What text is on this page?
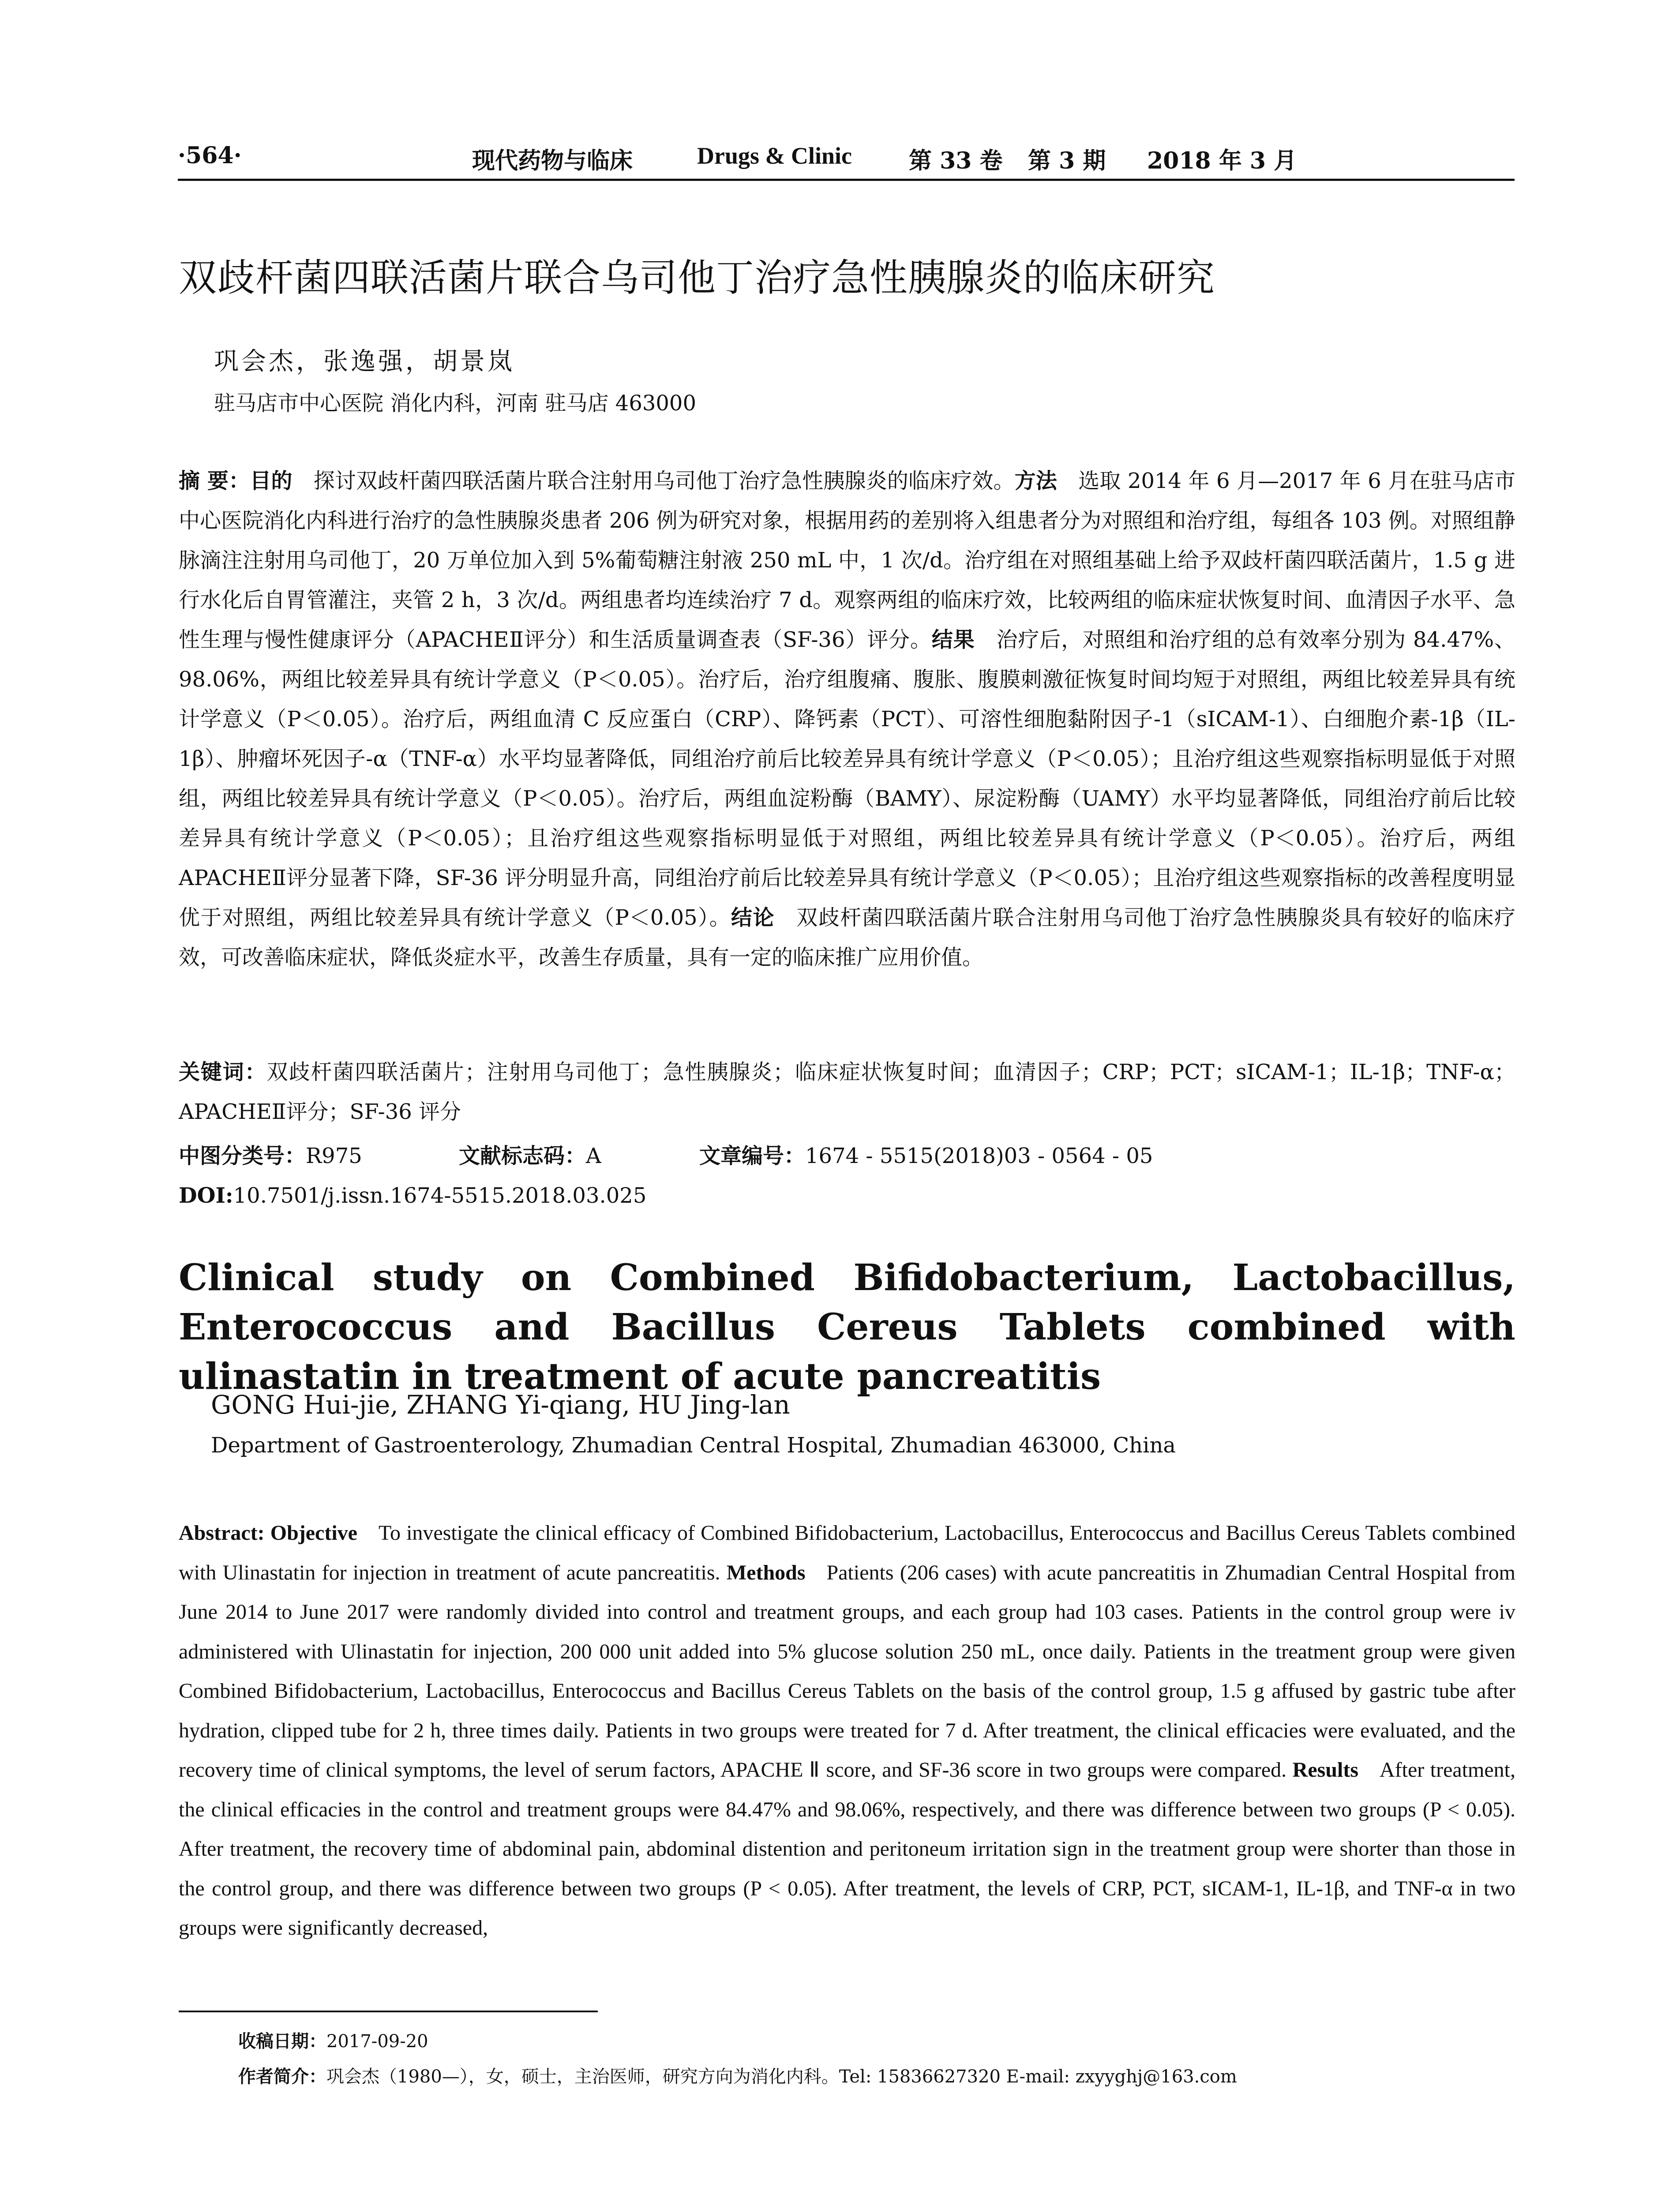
·564·	现代药物与临床	Drugs & Clinic 第 33 卷 第 3 期 2018 年 3 月
双歧杆菌四联活菌片联合乌司他丁治疗急性胰腺炎的临床研究
巩会杰，张逸强，胡景岚
驻马店市中心医院 消化内科，河南 驻马店 463000
摘 要：目的 探讨双歧杆菌四联活菌片联合注射用乌司他丁治疗急性胰腺炎的临床疗效。方法 选取 2014 年 6 月—2017 年 6 月在驻马店市中心医院消化内科进行治疗的急性胰腺炎患者 206 例为研究对象，根据用药的差别将入组患者分为对照组和治疗组，每组各 103 例。对照组静脉滴注注射用乌司他丁，20 万单位加入到 5%葡萄糖注射液 250 mL 中，1 次/d。治疗组在对照组基础上给予双歧杆菌四联活菌片，1.5 g 进行水化后自胃管灌注，夹管 2 h，3 次/d。两组患者均连续治疗 7 d。观察两组的临床疗效，比较两组的临床症状恢复时间、血清因子水平、急性生理与慢性健康评分（APACHEⅡ评分）和生活质量调查表（SF-36）评分。结果 治疗后，对照组和治疗组的总有效率分别为 84.47%、98.06%，两组比较差异具有统计学意义（P＜0.05）。治疗后，治疗组腹痛、腹胀、腹膜刺激征恢复时间均短于对照组，两组比较差异具有统计学意义（P＜0.05）。治疗后，两组血清 C 反应蛋白（CRP）、降钙素（PCT）、可溶性细胞黏附因子-1（sICAM-1）、白细胞介素-1β（IL-1β）、肿瘤坏死因子-α（TNF-α）水平均显著降低，同组治疗前后比较差异具有统计学意义（P＜0.05）；且治疗组这些观察指标明显低于对照组，两组比较差异具有统计学意义（P＜0.05）。治疗后，两组血淀粉酶（BAMY）、尿淀粉酶（UAMY）水平均显著降低，同组治疗前后比较差异具有统计学意义（P＜0.05）；且治疗组这些观察指标明显低于对照组，两组比较差异具有统计学意义（P＜0.05）。治疗后，两组 APACHEⅡ评分显著下降，SF-36 评分明显升高，同组治疗前后比较差异具有统计学意义（P＜0.05）；且治疗组这些观察指标的改善程度明显优于对照组，两组比较差异具有统计学意义（P＜0.05）。结论 双歧杆菌四联活菌片联合注射用乌司他丁治疗急性胰腺炎具有较好的临床疗效，可改善临床症状，降低炎症水平，改善生存质量，具有一定的临床推广应用价值。
关键词：双歧杆菌四联活菌片；注射用乌司他丁；急性胰腺炎；临床症状恢复时间；血清因子；CRP；PCT；sICAM-1；IL-1β；TNF-α；APACHEⅡ评分；SF-36 评分
中图分类号：R975	文献标志码：A	文章编号：1674 - 5515(2018)03 - 0564 - 05
DOI:10.7501/j.issn.1674-5515.2018.03.025
Clinical study on Combined Bifidobacterium, Lactobacillus, Enterococcus and Bacillus Cereus Tablets combined with ulinastatin in treatment of acute pancreatitis
GONG Hui-jie, ZHANG Yi-qiang, HU Jing-lan
Department of Gastroenterology, Zhumadian Central Hospital, Zhumadian 463000, China
Abstract: Objective To investigate the clinical efficacy of Combined Bifidobacterium, Lactobacillus, Enterococcus and Bacillus Cereus Tablets combined with Ulinastatin for injection in treatment of acute pancreatitis. Methods Patients (206 cases) with acute pancreatitis in Zhumadian Central Hospital from June 2014 to June 2017 were randomly divided into control and treatment groups, and each group had 103 cases. Patients in the control group were iv administered with Ulinastatin for injection, 200 000 unit added into 5% glucose solution 250 mL, once daily. Patients in the treatment group were given Combined Bifidobacterium, Lactobacillus, Enterococcus and Bacillus Cereus Tablets on the basis of the control group, 1.5 g affused by gastric tube after hydration, clipped tube for 2 h, three times daily. Patients in two groups were treated for 7 d. After treatment, the clinical efficacies were evaluated, and the recovery time of clinical symptoms, the level of serum factors, APACHE Ⅱ score, and SF-36 score in two groups were compared. Results After treatment, the clinical efficacies in the control and treatment groups were 84.47% and 98.06%, respectively, and there was difference between two groups (P < 0.05). After treatment, the recovery time of abdominal pain, abdominal distention and peritoneum irritation sign in the treatment group were shorter than those in the control group, and there was difference between two groups (P < 0.05). After treatment, the levels of CRP, PCT, sICAM-1, IL-1β, and TNF-α in two groups were significantly decreased,
收稿日期：2017-09-20
作者简介：巩会杰（1980—），女，硕士，主治医师，研究方向为消化内科。Tel: 15836627320 E-mail: zxyyghj@163.com
